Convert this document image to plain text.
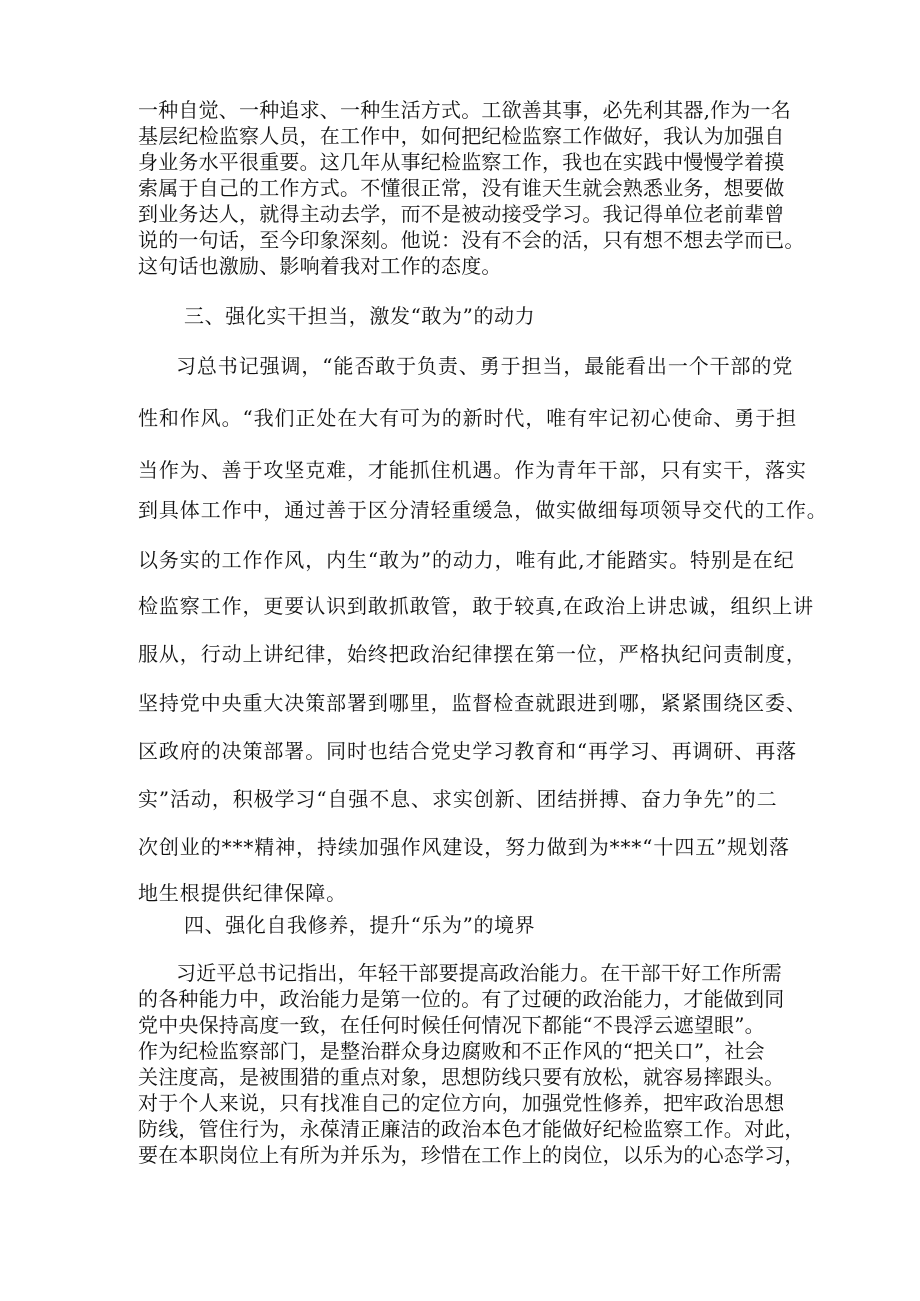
一种自觉、一种追求、一种生活方式。工欲善其事，必先利其器,作为一名
基层纪检监察人员，在工作中，如何把纪检监察工作做好，我认为加强自
身业务水平很重要。这几年从事纪检监察工作，我也在实践中慢慢学着摸
索属于自己的工作方式。不懂很正常，没有谁天生就会熟悉业务，想要做
到业务达人，就得主动去学，而不是被动接受学习。我记得单位老前辈曾
说的一句话，至今印象深刻。他说：没有不会的活，只有想不想去学而已。
这句话也激励、影响着我对工作的态度。
三、强化实干担当，激发“敢为”的动力
习总书记强调，“能否敢于负责、勇于担当，最能看出一个干部的党
性和作风。“我们正处在大有可为的新时代，唯有牢记初心使命、勇于担
当作为、善于攻坚克难，才能抓住机遇。作为青年干部，只有实干，落实
到具体工作中，通过善于区分清轻重缓急，做实做细每项领导交代的工作。
以务实的工作作风，内生“敢为”的动力，唯有此,才能踏实。特别是在纪
检监察工作，更要认识到敢抓敢管，敢于较真,在政治上讲忠诚，组织上讲
服从，行动上讲纪律，始终把政治纪律摆在第一位，严格执纪问责制度，
坚持党中央重大决策部署到哪里，监督检查就跟进到哪，紧紧围绕区委、
区政府的决策部署。同时也结合党史学习教育和“再学习、再调研、再落
实”活动，积极学习“自强不息、求实创新、团结拼搏、奋力争先”的二
次创业的***精神，持续加强作风建设，努力做到为***“十四五”规划落
地生根提供纪律保障。
四、强化自我修养，提升“乐为”的境界
习近平总书记指出，年轻干部要提高政治能力。在干部干好工作所需
的各种能力中，政治能力是第一位的。有了过硬的政治能力，才能做到同
党中央保持高度一致，在任何时候任何情况下都能“不畏浮云遮望眼”。
作为纪检监察部门，是整治群众身边腐败和不正作风的“把关口”，社会
关注度高，是被围猎的重点对象，思想防线只要有放松，就容易摔跟头。
对于个人来说，只有找准自己的定位方向，加强党性修养，把牢政治思想
防线，管住行为，永葆清正廉洁的政治本色才能做好纪检监察工作。对此，
要在本职岗位上有所为并乐为，珍惜在工作上的岗位，以乐为的心态学习，
